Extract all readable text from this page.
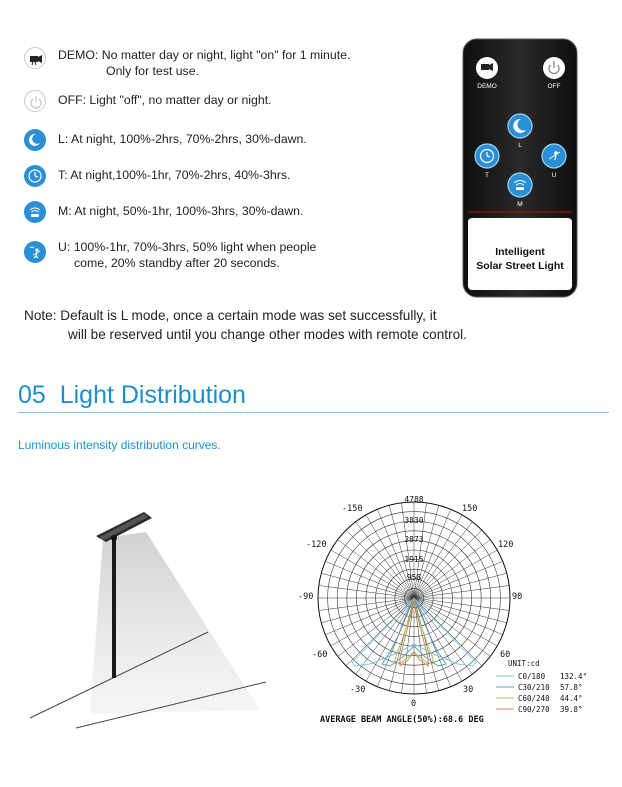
DEMO: No matter day or night, light "on" for 1 minute.
Only for test use.
OFF: Light "off", no matter day or night.
L: At night, 100%-2hrs, 70%-2hrs, 30%-dawn.
T: At night,100%-1hr, 70%-2hrs, 40%-3hrs.
M: At night, 50%-1hr, 100%-3hrs, 30%-dawn.
U: 100%-1hr, 70%-3hrs, 50% light when people
come, 20% standby after 20 seconds.
DEMO	OFF
L
T	U
M
Intelligent
Solar Street Light
Note: Default is L mode, once a certain mode was set successfully, it
will be reserved until you change other modes with remote control.
05 Light Distribution
Luminous intensity distribution curves.
4788
3830
2873
1915
958
-150	150
-120	120
-90	90
-60	60
-30	30
0
UNIT:cd
C0/180 132.4°
C30/210 57.8°
C60/240 44.4°
C90/270 39.8°
AVERAGE BEAM ANGLE(50%):68.6 DEG
